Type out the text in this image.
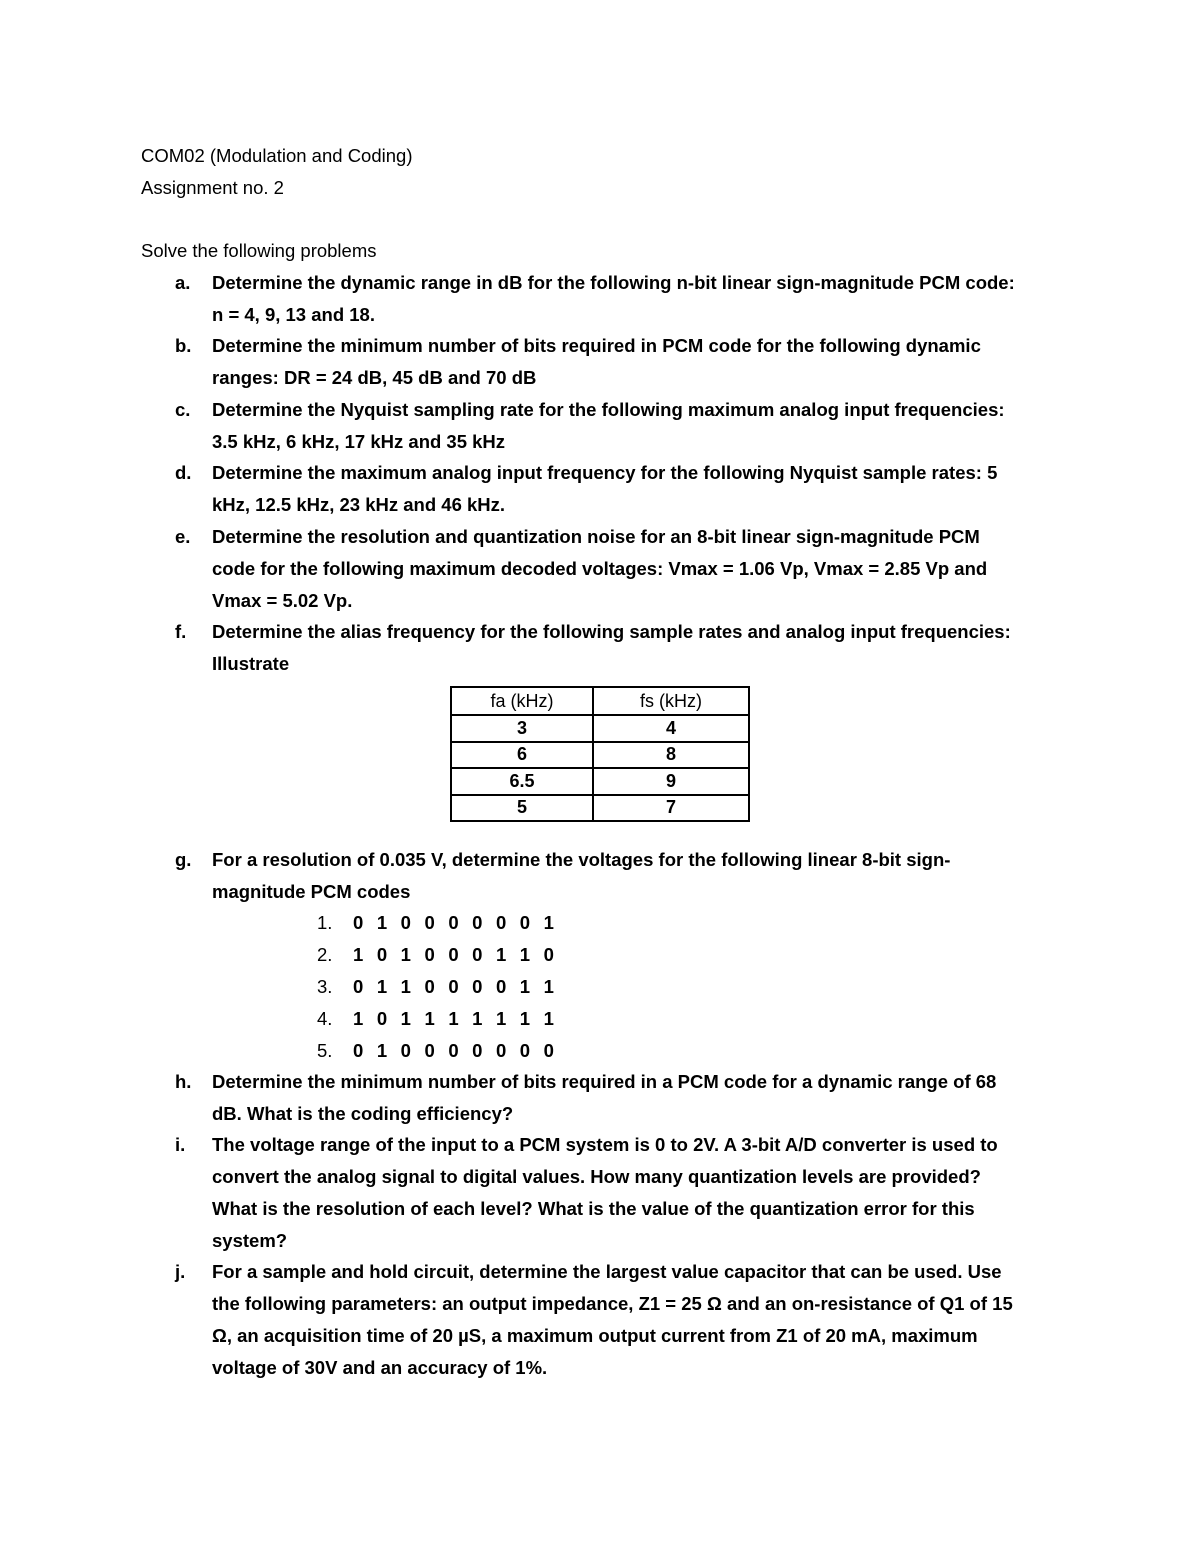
COM02 (Modulation and Coding)
Assignment no. 2
Solve the following problems
a. Determine the dynamic range in dB for the following n-bit linear sign-magnitude PCM code:
n = 4, 9, 13 and 18.
b. Determine the minimum number of bits required in PCM code for the following dynamic
ranges: DR = 24 dB, 45 dB and 70 dB
c. Determine the Nyquist sampling rate for the following maximum analog input frequencies:
3.5 kHz, 6 kHz, 17 kHz and 35 kHz
d. Determine the maximum analog input frequency for the following Nyquist sample rates: 5
kHz, 12.5 kHz, 23 kHz and 46 kHz.
e. Determine the resolution and quantization noise for an 8-bit linear sign-magnitude PCM
code for the following maximum decoded voltages: Vmax = 1.06 Vp, Vmax = 2.85 Vp and
Vmax = 5.02 Vp.
f. Determine the alias frequency for the following sample rates and analog input frequencies:
Illustrate
fa (kHz)	fs (kHz)
3	4
6	8
6.5	9
5	7
g. For a resolution of 0.035 V, determine the voltages for the following linear 8-bit sign-
magnitude PCM codes
1. 0 1 0 0 0 0 0 0 1
2. 1 0 1 0 0 0 1 1 0
3. 0 1 1 0 0 0 0 1 1
4. 1 0 1 1 1 1 1 1 1
5. 0 1 0 0 0 0 0 0 0
h. Determine the minimum number of bits required in a PCM code for a dynamic range of 68
dB. What is the coding efficiency?
i. The voltage range of the input to a PCM system is 0 to 2V. A 3-bit A/D converter is used to
convert the analog signal to digital values. How many quantization levels are provided?
What is the resolution of each level? What is the value of the quantization error for this
system?
j. For a sample and hold circuit, determine the largest value capacitor that can be used. Use
the following parameters: an output impedance, Z1 = 25 Ω and an on-resistance of Q1 of 15
Ω, an acquisition time of 20 µS, a maximum output current from Z1 of 20 mA, maximum
voltage of 30V and an accuracy of 1%.
